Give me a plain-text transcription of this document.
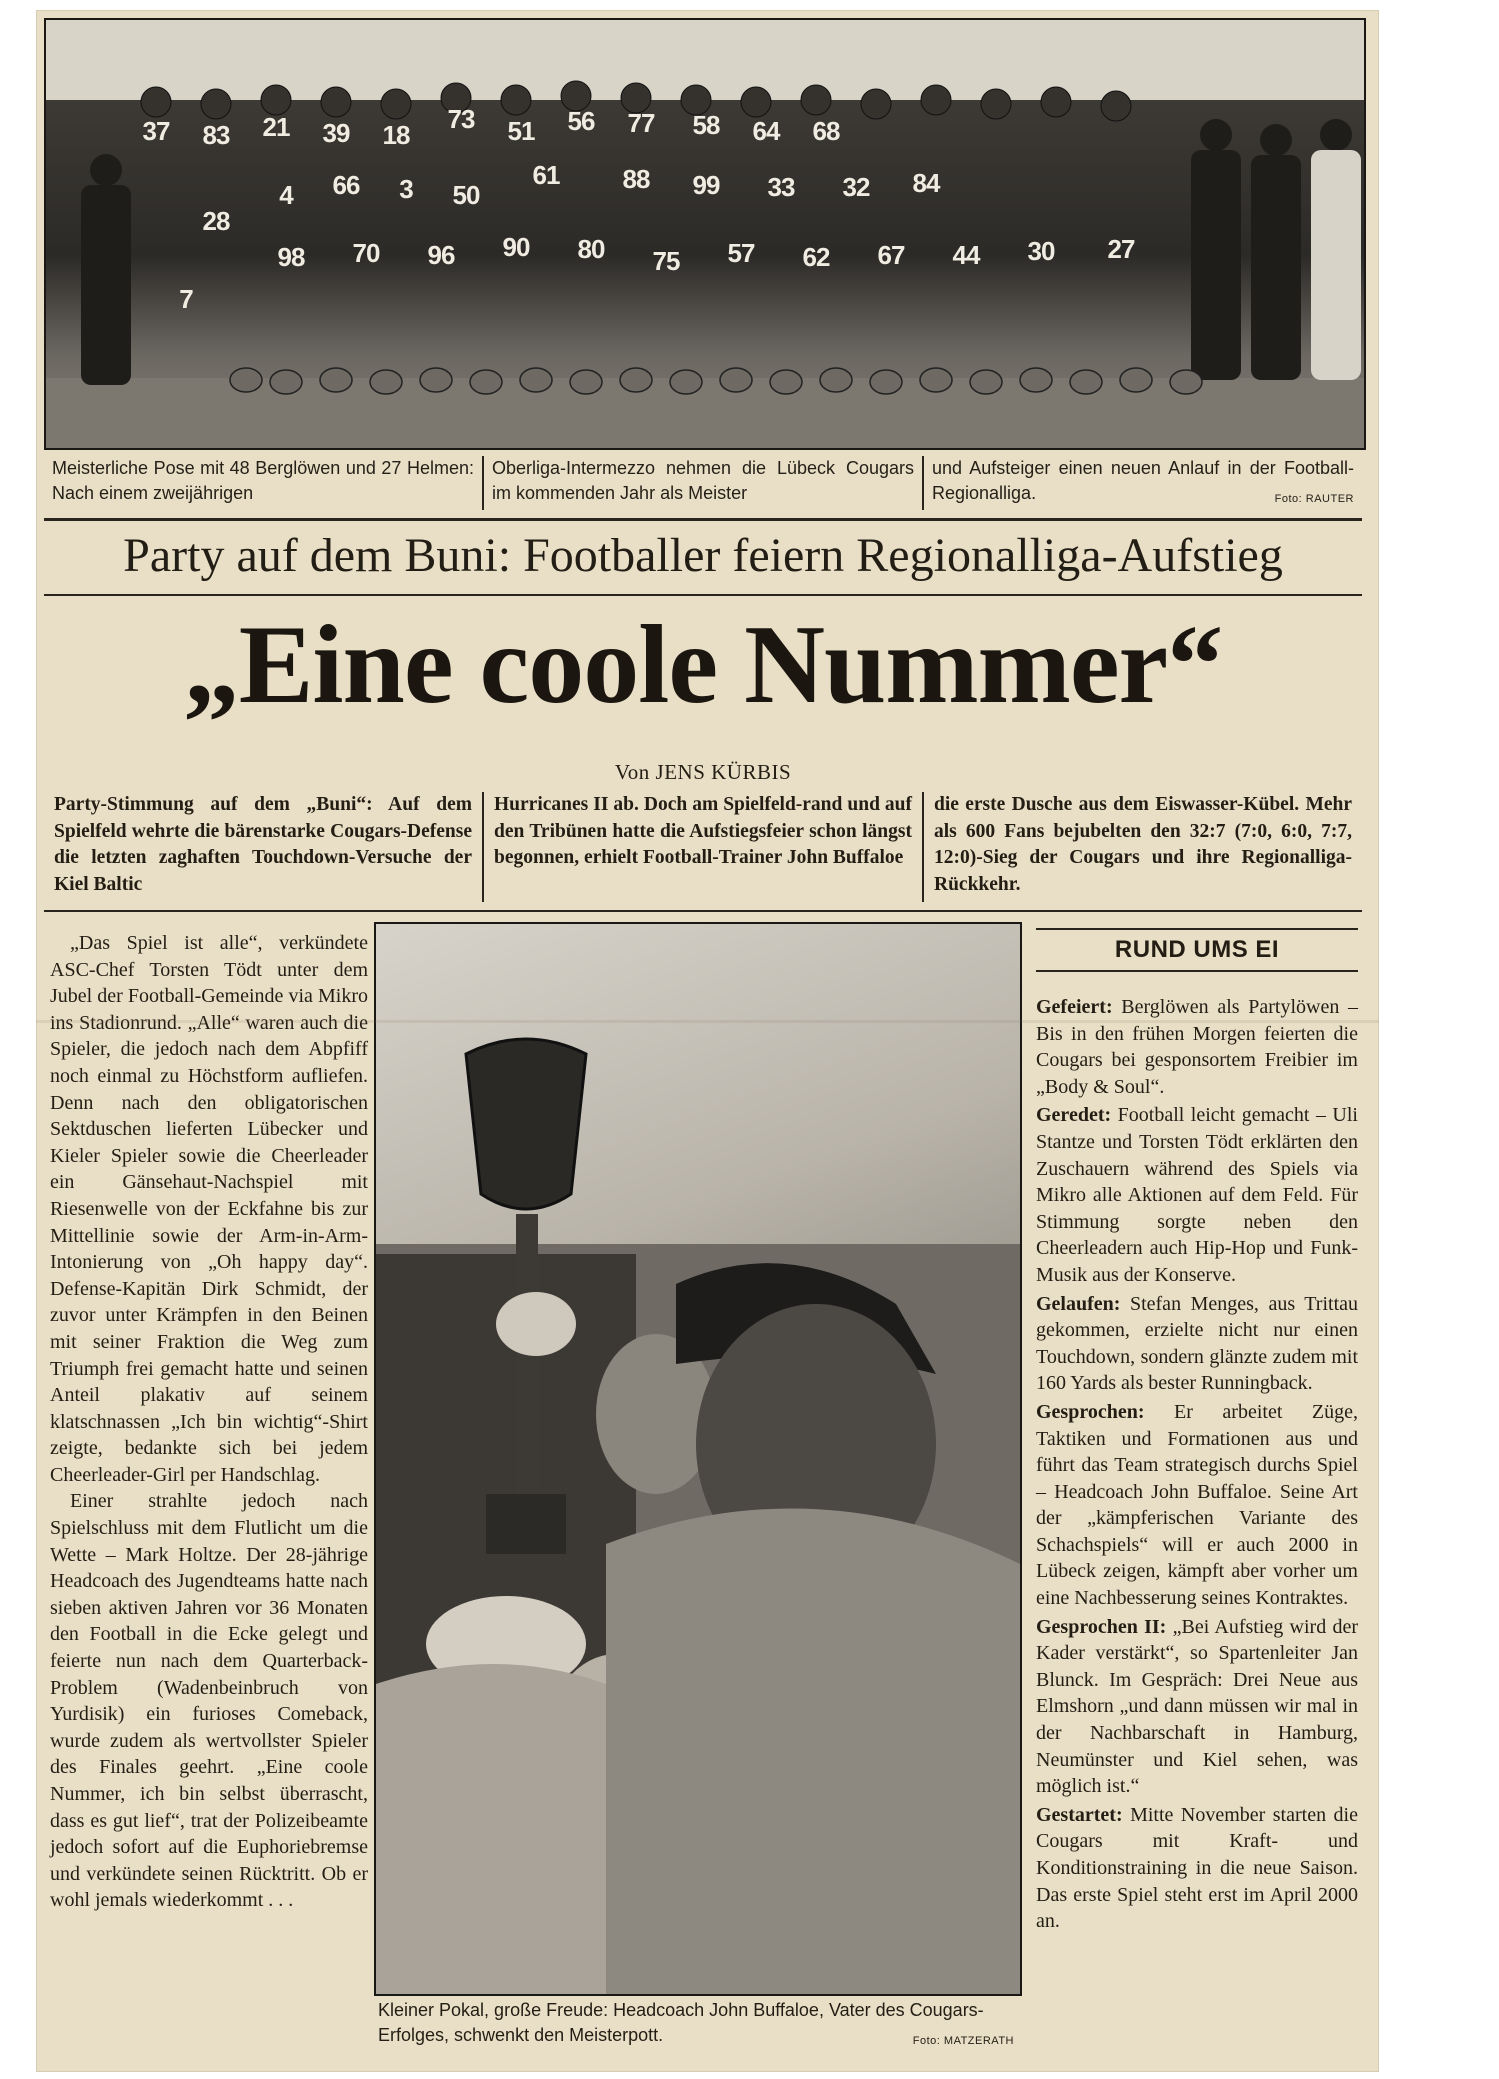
37 83 21 39 18
73 51 56 77 58 64 68
66	3	50
61 88 99 33 32 84
28
4
98 70 96 90 80 75 57 62 67 44 30 27
7
Meisterliche Pose mit 48 Berglöwen und 27 Helmen: Nach einem zweijährigen
Oberliga-Intermezzo nehmen die Lübeck Cougars im kommenden Jahr als Meister
und Aufsteiger einen neuen Anlauf in der Football-Regionalliga.	Foto: RAUTER
Party auf dem Buni: Footballer feiern Regionalliga-Aufstieg
„Eine coole Nummer“
Von JENS KÜRBIS
Party-Stimmung auf dem „Buni“: Auf dem Spielfeld wehrte die bärenstarke Cougars-Defense die letzten zaghaften Touchdown-Versuche der Kiel Baltic
Hurricanes II ab. Doch am Spielfeld-rand und auf den Tribünen hatte die Aufstiegsfeier schon längst begonnen, erhielt Football-Trainer John Buffaloe
die erste Dusche aus dem Eiswasser-Kübel. Mehr als 600 Fans bejubelten den 32:7 (7:0, 6:0, 7:7, 12:0)-Sieg der Cougars und ihre Regionalliga-Rückkehr.

„Das Spiel ist alle“, verkündete ASC-Chef Torsten Tödt unter dem Jubel der Football-Gemeinde via Mikro ins Stadionrund. „Alle“ waren auch die Spieler, die jedoch nach dem Abpfiff noch einmal zu Höchstform aufliefen. Denn nach den obligatorischen Sektduschen lieferten Lübecker und Kieler Spieler sowie die Cheerleader ein Gänsehaut-Nachspiel mit Riesenwelle von der Eckfahne bis zur Mittellinie sowie der Arm-in-Arm-Intonierung von „Oh happy day“. Defense-Kapitän Dirk Schmidt, der zuvor unter Krämpfen in den Beinen mit seiner Fraktion die Weg zum Triumph frei gemacht hatte und seinen Anteil plakativ auf seinem klatschnassen „Ich bin wichtig“-Shirt zeigte, bedankte sich bei jedem Cheerleader-Girl per Handschlag.

Einer strahlte jedoch nach Spielschluss mit dem Flutlicht um die Wette – Mark Holtze. Der 28-jährige Headcoach des Jugendteams hatte nach sieben aktiven Jahren vor 36 Monaten den Football in die Ecke gelegt und feierte nun nach dem Quarterback-Problem (Wadenbeinbruch von Yurdisik) ein furioses Comeback, wurde zudem als wertvollster Spieler des Finales geehrt. „Eine coole Nummer, ich bin selbst überrascht, dass es gut lief“, trat der Polizeibeamte jedoch sofort auf die Euphoriebremse und verkündete seinen Rücktritt. Ob er wohl jemals wiederkommt . . .

Kleiner Pokal, große Freude: Headcoach John Buffaloe, Vater des Cougars-Erfolges, schwenkt den Meisterpott.	Foto: MATZERATH
RUND UMS EI

Gefeiert: Berglöwen als Partylöwen – Bis in den frühen Morgen feierten die Cougars bei gesponsortem Freibier im „Body & Soul“.

Geredet: Football leicht gemacht – Uli Stantze und Torsten Tödt erklärten den Zuschauern während des Spiels via Mikro alle Aktionen auf dem Feld. Für Stimmung sorgte neben den Cheerleadern auch Hip-Hop und Funk-Musik aus der Konserve.

Gelaufen: Stefan Menges, aus Trittau gekommen, erzielte nicht nur einen Touchdown, sondern glänzte zudem mit 160 Yards als bester Runningback.

Gesprochen: Er arbeitet Züge, Taktiken und Formationen aus und führt das Team strategisch durchs Spiel – Headcoach John Buffaloe. Seine Art der „kämpferischen Variante des Schachspiels“ will er auch 2000 in Lübeck zeigen, kämpft aber vorher um eine Nachbesserung seines Kontraktes.

Gesprochen II: „Bei Aufstieg wird der Kader verstärkt“, so Spartenleiter Jan Blunck. Im Gespräch: Drei Neue aus Elmshorn „und dann müssen wir mal in der Nachbarschaft in Hamburg, Neumünster und Kiel sehen, was möglich ist.“

Gestartet: Mitte November starten die Cougars mit Kraft- und Konditionstraining in die neue Saison. Das erste Spiel steht erst im April 2000 an.
